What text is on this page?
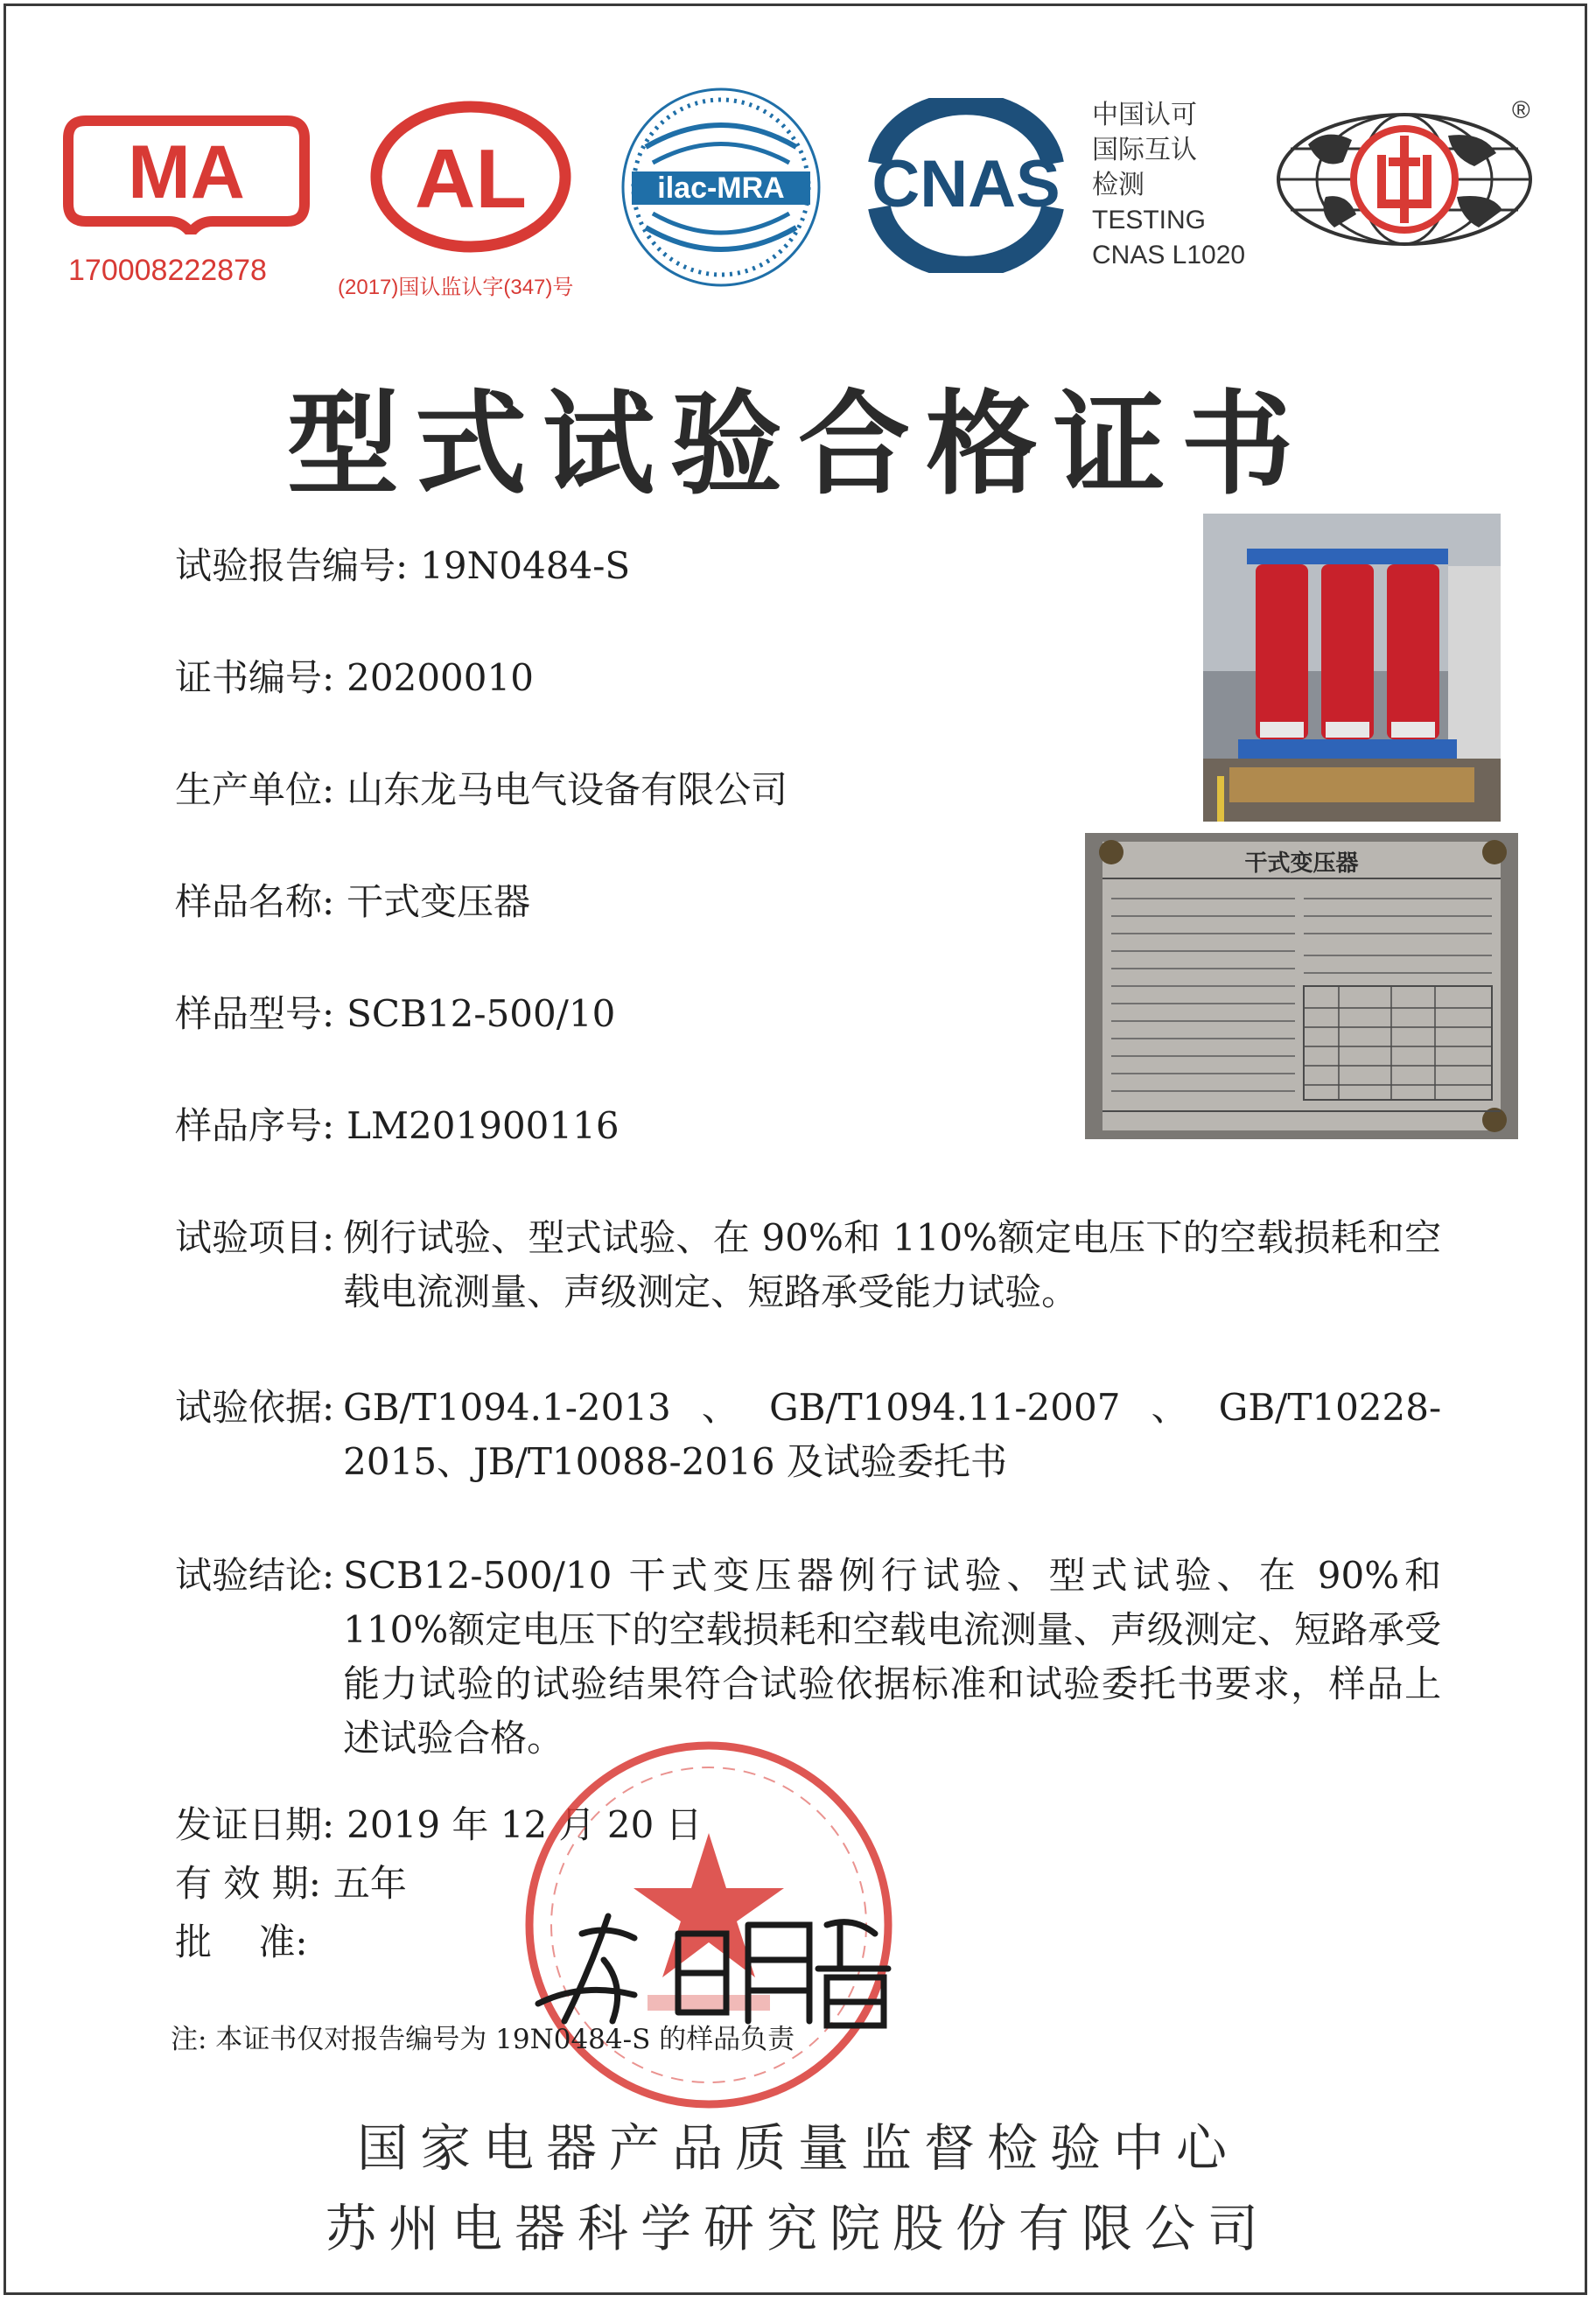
MA
170008222878
AL
(2017)国认监认字(347)号
ilac-MRA CNAS
中国认可
国际互认
检测
TESTING
CNAS L1020
®
型式试验合格证书
试验报告编号: 19N0484-S
证书编号: 20200010
生产单位: 山东龙马电气设备有限公司
样品名称: 干式变压器
样品型号: SCB12-500/10
样品序号: LM201900116
试验项目: 例行试验、型式试验、在 90%和 110%额定电压下的空载损耗和空载电流测量、声级测定、短路承受能力试验。
试验依据: GB/T1094.1-2013、GB/T1094.11-2007、GB/T10228-2015、JB/T10088-2016 及试验委托书
试验结论: SCB12-500/10 干式变压器例行试验、型式试验、在 90%和 110%额定电压下的空载损耗和空载电流测量、声级测定、短路承受能力试验的试验结果符合试验依据标准和试验委托书要求，样品上述试验合格。
发证日期: 2019 年 12 月 20 日
有 效 期: 五年
批    准:
注: 本证书仅对报告编号为 19N0484-S 的样品负责
干式变压器
国家电器产品质量监督检验中心
苏州电器科学研究院股份有限公司
